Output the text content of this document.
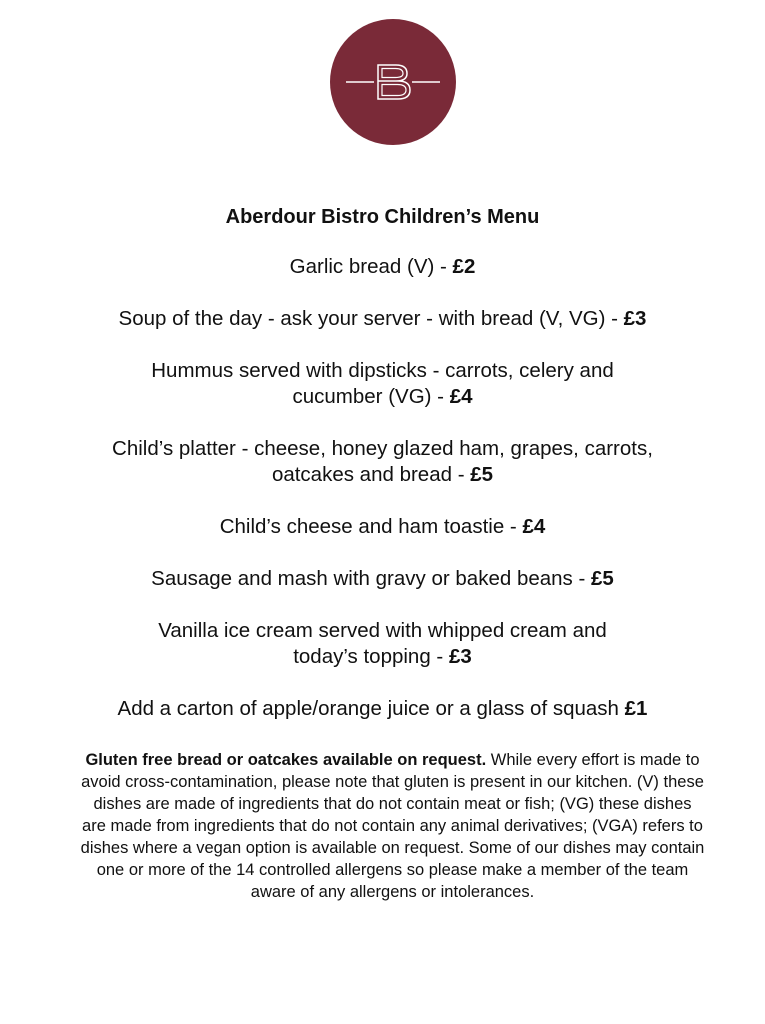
Aberdour Bistro Children’s Menu
Garlic bread (V) - £2
Soup of the day - ask your server - with bread (V, VG) - £3
Hummus served with dipsticks - carrots, celery and
cucumber (VG) - £4
Child’s platter - cheese, honey glazed ham, grapes, carrots,
oatcakes and bread - £5
Child’s cheese and ham toastie - £4
Sausage and mash with gravy or baked beans - £5
Vanilla ice cream served with whipped cream and
today’s topping - £3
Add a carton of apple/orange juice or a glass of squash £1
Gluten free bread or oatcakes available on request. While every effort is made to avoid cross-contamination, please note that gluten is present in our kitchen. (V) these dishes are made of ingredients that do not contain meat or fish; (VG) these dishes are made from ingredients that do not contain any animal derivatives; (VGA) refers to dishes where a vegan option is available on request. Some of our dishes may contain one or more of the 14 controlled allergens so please make a member of the team aware of any allergens or intolerances.
